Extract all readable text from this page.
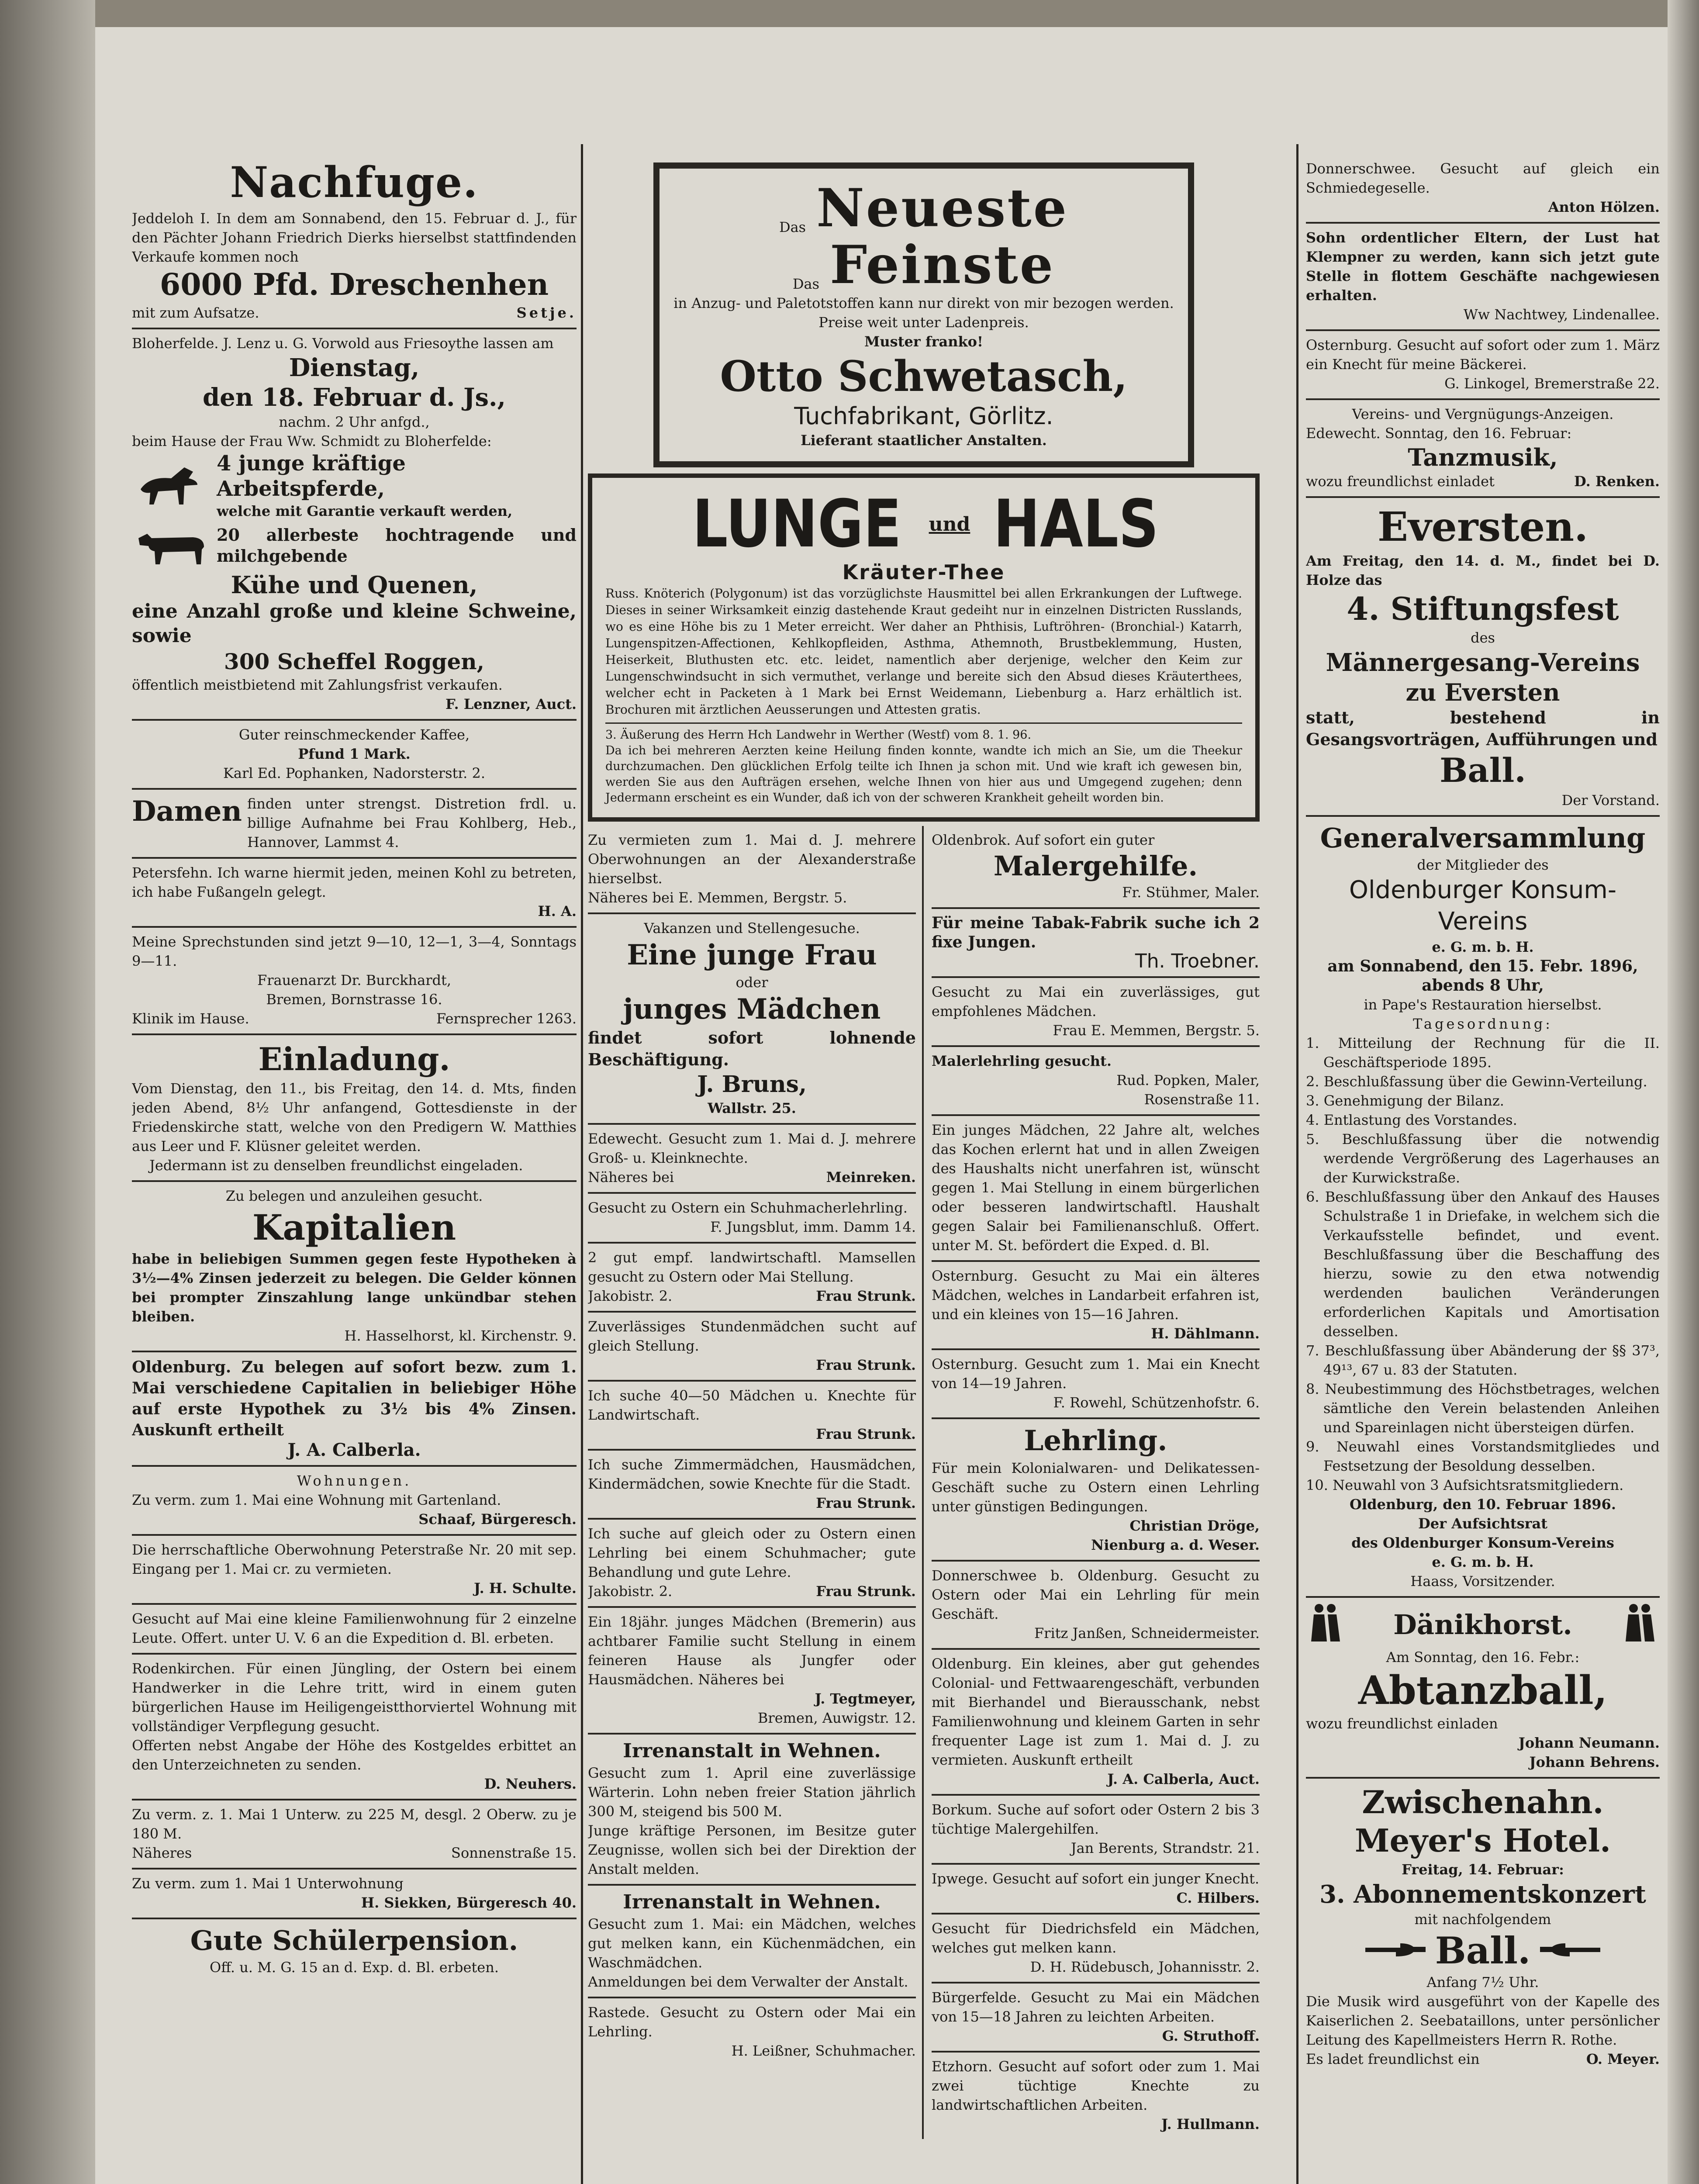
Nachfuge.
Jeddeloh I. In dem am Sonnabend, den 15. Februar d. J., für den Pächter Johann Friedrich Dierks hierselbst stattfindenden Verkaufe kommen noch
6000 Pfd. Dreschenhen
mit zum Aufsatze.	Setje.
Bloherfelde. J. Lenz u. G. Vorwold aus Friesoythe lassen am
Dienstag,
den 18. Februar d. Js.,
nachm. 2 Uhr anfgd.,
beim Hause der Frau Ww. Schmidt zu Bloherfelde:
4 junge kräftige Arbeitspferde,
welche mit Garantie verkauft werden,
20 allerbeste hochtragende und milchgebende
Kühe und Quenen,
eine Anzahl große und kleine Schweine, sowie
300 Scheffel Roggen,
öffentlich meistbietend mit Zahlungsfrist verkaufen.
F. Lenzner, Auct.
Guter reinschmeckender Kaffee,
Pfund 1 Mark.
Karl Ed. Pophanken, Nadorsterstr. 2.
Damen finden unter strengst. Distretion frdl. u. billige Aufnahme bei Frau Kohlberg, Heb., Hannover, Lammst 4.
Petersfehn. Ich warne hiermit jeden, meinen Kohl zu betreten, ich habe Fußangeln gelegt.
H. A.
Meine Sprechstunden sind jetzt 9—10, 12—1, 3—4, Sonntags 9—11.
Frauenarzt Dr. Burckhardt,
Bremen, Bornstrasse 16.
Klinik im Hause.	Fernsprecher 1263.
Einladung.
Vom Dienstag, den 11., bis Freitag, den 14. d. Mts, finden jeden Abend, 8½ Uhr anfangend, Gottesdienste in der Friedenskirche statt, welche von den Predigern W. Matthies aus Leer und F. Klüsner geleitet werden.
Jedermann ist zu denselben freundlichst eingeladen.
Zu belegen und anzuleihen gesucht.
Kapitalien
habe in beliebigen Summen gegen feste Hypotheken à 3½—4% Zinsen jederzeit zu belegen. Die Gelder können bei prompter Zinszahlung lange unkündbar stehen bleiben.
H. Hasselhorst, kl. Kirchenstr. 9.
Oldenburg. Zu belegen auf sofort bezw. zum 1. Mai verschiedene Capitalien in beliebiger Höhe auf erste Hypothek zu 3½ bis 4% Zinsen. Auskunft ertheilt
J. A. Calberla.
Wohnungen.
Zu verm. zum 1. Mai eine Wohnung mit Gartenland.
Schaaf, Bürgeresch.
Die herrschaftliche Oberwohnung Peterstraße Nr. 20 mit sep. Eingang per 1. Mai cr. zu vermieten.
J. H. Schulte.
Gesucht auf Mai eine kleine Familienwohnung für 2 einzelne Leute. Offert. unter U. V. 6 an die Expedition d. Bl. erbeten.
Rodenkirchen. Für einen Jüngling, der Ostern bei einem Handwerker in die Lehre tritt, wird in einem guten bürgerlichen Hause im Heiligengeistthorviertel Wohnung mit vollständiger Verpflegung gesucht.
Offerten nebst Angabe der Höhe des Kostgeldes erbittet an den Unterzeichneten zu senden.
D. Neuhers.
Zu verm. z. 1. Mai 1 Unterw. zu 225 M, desgl. 2 Oberw. zu je 180 M.
Näheres	Sonnenstraße 15.
Zu verm. zum 1. Mai 1 Unterwohnung
H. Siekken, Bürgeresch 40.
Gute Schülerpension.
Off. u. M. G. 15 an d. Exp. d. Bl. erbeten.
Das Neueste
Das Feinste
in Anzug- und Paletotstoffen kann nur direkt von mir bezogen werden. Preise weit unter Ladenpreis.
Muster franko!
Otto Schwetasch,
Tuchfabrikant, Görlitz.
Lieferant staatlicher Anstalten.
LUNGE und HALS
Kräuter-Thee
Russ. Knöterich (Polygonum) ist das vorzüglichste Hausmittel bei allen Erkrankungen der Luftwege. Dieses in seiner Wirksamkeit einzig dastehende Kraut gedeiht nur in einzelnen Districten Russlands, wo es eine Höhe bis zu 1 Meter erreicht. Wer daher an Phthisis, Luftröhren- (Bronchial-) Katarrh, Lungenspitzen-Affectionen, Kehlkopfleiden, Asthma, Athemnoth, Brustbeklemmung, Husten, Heiserkeit, Bluthusten etc. etc. leidet, namentlich aber derjenige, welcher den Keim zur Lungenschwindsucht in sich vermuthet, verlange und bereite sich den Absud dieses Kräuterthees, welcher echt in Packeten à 1 Mark bei Ernst Weidemann, Liebenburg a. Harz erhältlich ist. Brochuren mit ärztlichen Aeusserungen und Attesten gratis.
3. Äußerung des Herrn Hch Landwehr in Werther (Westf) vom 8. 1. 96.
Da ich bei mehreren Aerzten keine Heilung finden konnte, wandte ich mich an Sie, um die Theekur durchzumachen. Den glücklichen Erfolg teilte ich Ihnen ja schon mit. Und wie kraft ich gewesen bin, werden Sie aus den Aufträgen ersehen, welche Ihnen von hier aus und Umgegend zugehen; denn Jedermann erscheint es ein Wunder, daß ich von der schweren Krankheit geheilt worden bin.
Zu vermieten zum 1. Mai d. J. mehrere Oberwohnungen an der Alexanderstraße hierselbst.
Näheres bei E. Memmen, Bergstr. 5.
Vakanzen und Stellengesuche.
Eine junge Frau
oder
junges Mädchen
findet sofort lohnende Beschäftigung.
J. Bruns,
Wallstr. 25.
Edewecht. Gesucht zum 1. Mai d. J. mehrere Groß- u. Kleinknechte.
Näheres bei	Meinreken.
Gesucht zu Ostern ein Schuhmacherlehrling.
F. Jungsblut, imm. Damm 14.
2 gut empf. landwirtschaftl. Mamsellen gesucht zu Ostern oder Mai Stellung.
Jakobistr. 2.	Frau Strunk.
Zuverlässiges Stundenmädchen sucht auf gleich Stellung.
Frau Strunk.
Ich suche 40—50 Mädchen u. Knechte für Landwirtschaft.
Frau Strunk.
Ich suche Zimmermädchen, Hausmädchen, Kindermädchen, sowie Knechte für die Stadt.
Frau Strunk.
Ich suche auf gleich oder zu Ostern einen Lehrling bei einem Schuhmacher; gute Behandlung und gute Lehre.
Jakobistr. 2.	Frau Strunk.
Ein 18jähr. junges Mädchen (Bremerin) aus achtbarer Familie sucht Stellung in einem feineren Hause als Jungfer oder Hausmädchen. Näheres bei
J. Tegtmeyer,
Bremen, Auwigstr. 12.
Irrenanstalt in Wehnen.
Gesucht zum 1. April eine zuverlässige Wärterin. Lohn neben freier Station jährlich 300 M, steigend bis 500 M.
Junge kräftige Personen, im Besitze guter Zeugnisse, wollen sich bei der Direktion der Anstalt melden.
Irrenanstalt in Wehnen.
Gesucht zum 1. Mai: ein Mädchen, welches gut melken kann, ein Küchenmädchen, ein Waschmädchen.
Anmeldungen bei dem Verwalter der Anstalt.
Rastede. Gesucht zu Ostern oder Mai ein Lehrling.
H. Leißner, Schuhmacher.
Oldenbrok. Auf sofort ein guter
Malergehilfe.
Fr. Stühmer, Maler.
Für meine Tabak-Fabrik suche ich 2 fixe Jungen.
Th. Troebner.
Gesucht zu Mai ein zuverlässiges, gut empfohlenes Mädchen.
Frau E. Memmen, Bergstr. 5.
Malerlehrling gesucht.
Rud. Popken, Maler,
Rosenstraße 11.
Ein junges Mädchen, 22 Jahre alt, welches das Kochen erlernt hat und in allen Zweigen des Haushalts nicht unerfahren ist, wünscht gegen 1. Mai Stellung in einem bürgerlichen oder besseren landwirtschaftl. Haushalt gegen Salair bei Familienanschluß. Offert. unter M. St. befördert die Exped. d. Bl.
Osternburg. Gesucht zu Mai ein älteres Mädchen, welches in Landarbeit erfahren ist, und ein kleines von 15—16 Jahren.
H. Dählmann.
Osternburg. Gesucht zum 1. Mai ein Knecht von 14—19 Jahren.
F. Rowehl, Schützenhofstr. 6.
Lehrling.
Für mein Kolonialwaren- und Delikatessen-Geschäft suche zu Ostern einen Lehrling unter günstigen Bedingungen.
Christian Dröge,
Nienburg a. d. Weser.
Donnerschwee b. Oldenburg. Gesucht zu Ostern oder Mai ein Lehrling für mein Geschäft.
Fritz Janßen, Schneidermeister.
Oldenburg. Ein kleines, aber gut gehendes Colonial- und Fettwaarengeschäft, verbunden mit Bierhandel und Bierausschank, nebst Familienwohnung und kleinem Garten in sehr frequenter Lage ist zum 1. Mai d. J. zu vermieten. Auskunft ertheilt
J. A. Calberla, Auct.
Borkum. Suche auf sofort oder Ostern 2 bis 3 tüchtige Malergehilfen.
Jan Berents, Strandstr. 21.
Ipwege. Gesucht auf sofort ein junger Knecht.
C. Hilbers.
Gesucht für Diedrichsfeld ein Mädchen, welches gut melken kann.
D. H. Rüdebusch, Johannisstr. 2.
Bürgerfelde. Gesucht zu Mai ein Mädchen von 15—18 Jahren zu leichten Arbeiten.
G. Struthoff.
Etzhorn. Gesucht auf sofort oder zum 1. Mai zwei tüchtige Knechte zu landwirtschaftlichen Arbeiten.
J. Hullmann.
Donnerschwee. Gesucht auf gleich ein Schmiedegeselle.
Anton Hölzen.
Sohn ordentlicher Eltern, der Lust hat Klempner zu werden, kann sich jetzt gute Stelle in flottem Geschäfte nachgewiesen erhalten.
Ww Nachtwey, Lindenallee.
Osternburg. Gesucht auf sofort oder zum 1. März ein Knecht für meine Bäckerei.
G. Linkogel, Bremerstraße 22.
Vereins- und Vergnügungs-Anzeigen.
Edewecht. Sonntag, den 16. Februar:
Tanzmusik,
wozu freundlichst einladet	D. Renken.
Eversten.
Am Freitag, den 14. d. M., findet bei D. Holze das
4. Stiftungsfest
des
Männergesang-Vereins
zu Eversten
statt, bestehend in Gesangsvorträgen, Aufführungen und
Ball.
Der Vorstand.
Generalversammlung
der Mitglieder des
Oldenburger Konsum-Vereins
e. G. m. b. H.
am Sonnabend, den 15. Febr. 1896, abends 8 Uhr,
in Pape's Restauration hierselbst.
Tagesordnung:
1. Mitteilung der Rechnung für die II. Geschäftsperiode 1895.
2. Beschlußfassung über die Gewinn-Verteilung.
3. Genehmigung der Bilanz.
4. Entlastung des Vorstandes.
5. Beschlußfassung über die notwendig werdende Vergrößerung des Lagerhauses an der Kurwickstraße.
6. Beschlußfassung über den Ankauf des Hauses Schulstraße 1 in Driefake, in welchem sich die Verkaufsstelle befindet, und event. Beschlußfassung über die Beschaffung des hierzu, sowie zu den etwa notwendig werdenden baulichen Veränderungen erforderlichen Kapitals und Amortisation desselben.
7. Beschlußfassung über Abänderung der §§ 37³, 49¹³, 67 u. 83 der Statuten.
8. Neubestimmung des Höchstbetrages, welchen sämtliche den Verein belastenden Anleihen und Spareinlagen nicht übersteigen dürfen.
9. Neuwahl eines Vorstandsmitgliedes und Festsetzung der Besoldung desselben.
10. Neuwahl von 3 Aufsichtsratsmitgliedern.
Oldenburg, den 10. Februar 1896.
Der Aufsichtsrat
des Oldenburger Konsum-Vereins
e. G. m. b. H.
Haass, Vorsitzender.
Dänikhorst.
Am Sonntag, den 16. Febr.:
Abtanzball,
wozu freundlichst einladen
Johann Neumann.
Johann Behrens.
Zwischenahn.
Meyer's Hotel.
Freitag, 14. Februar:
3. Abonnementskonzert
mit nachfolgendem
Ball.
Anfang 7½ Uhr.
Die Musik wird ausgeführt von der Kapelle des Kaiserlichen 2. Seebataillons, unter persönlicher Leitung des Kapellmeisters Herrn R. Rothe.
Es ladet freundlichst ein	O. Meyer.
